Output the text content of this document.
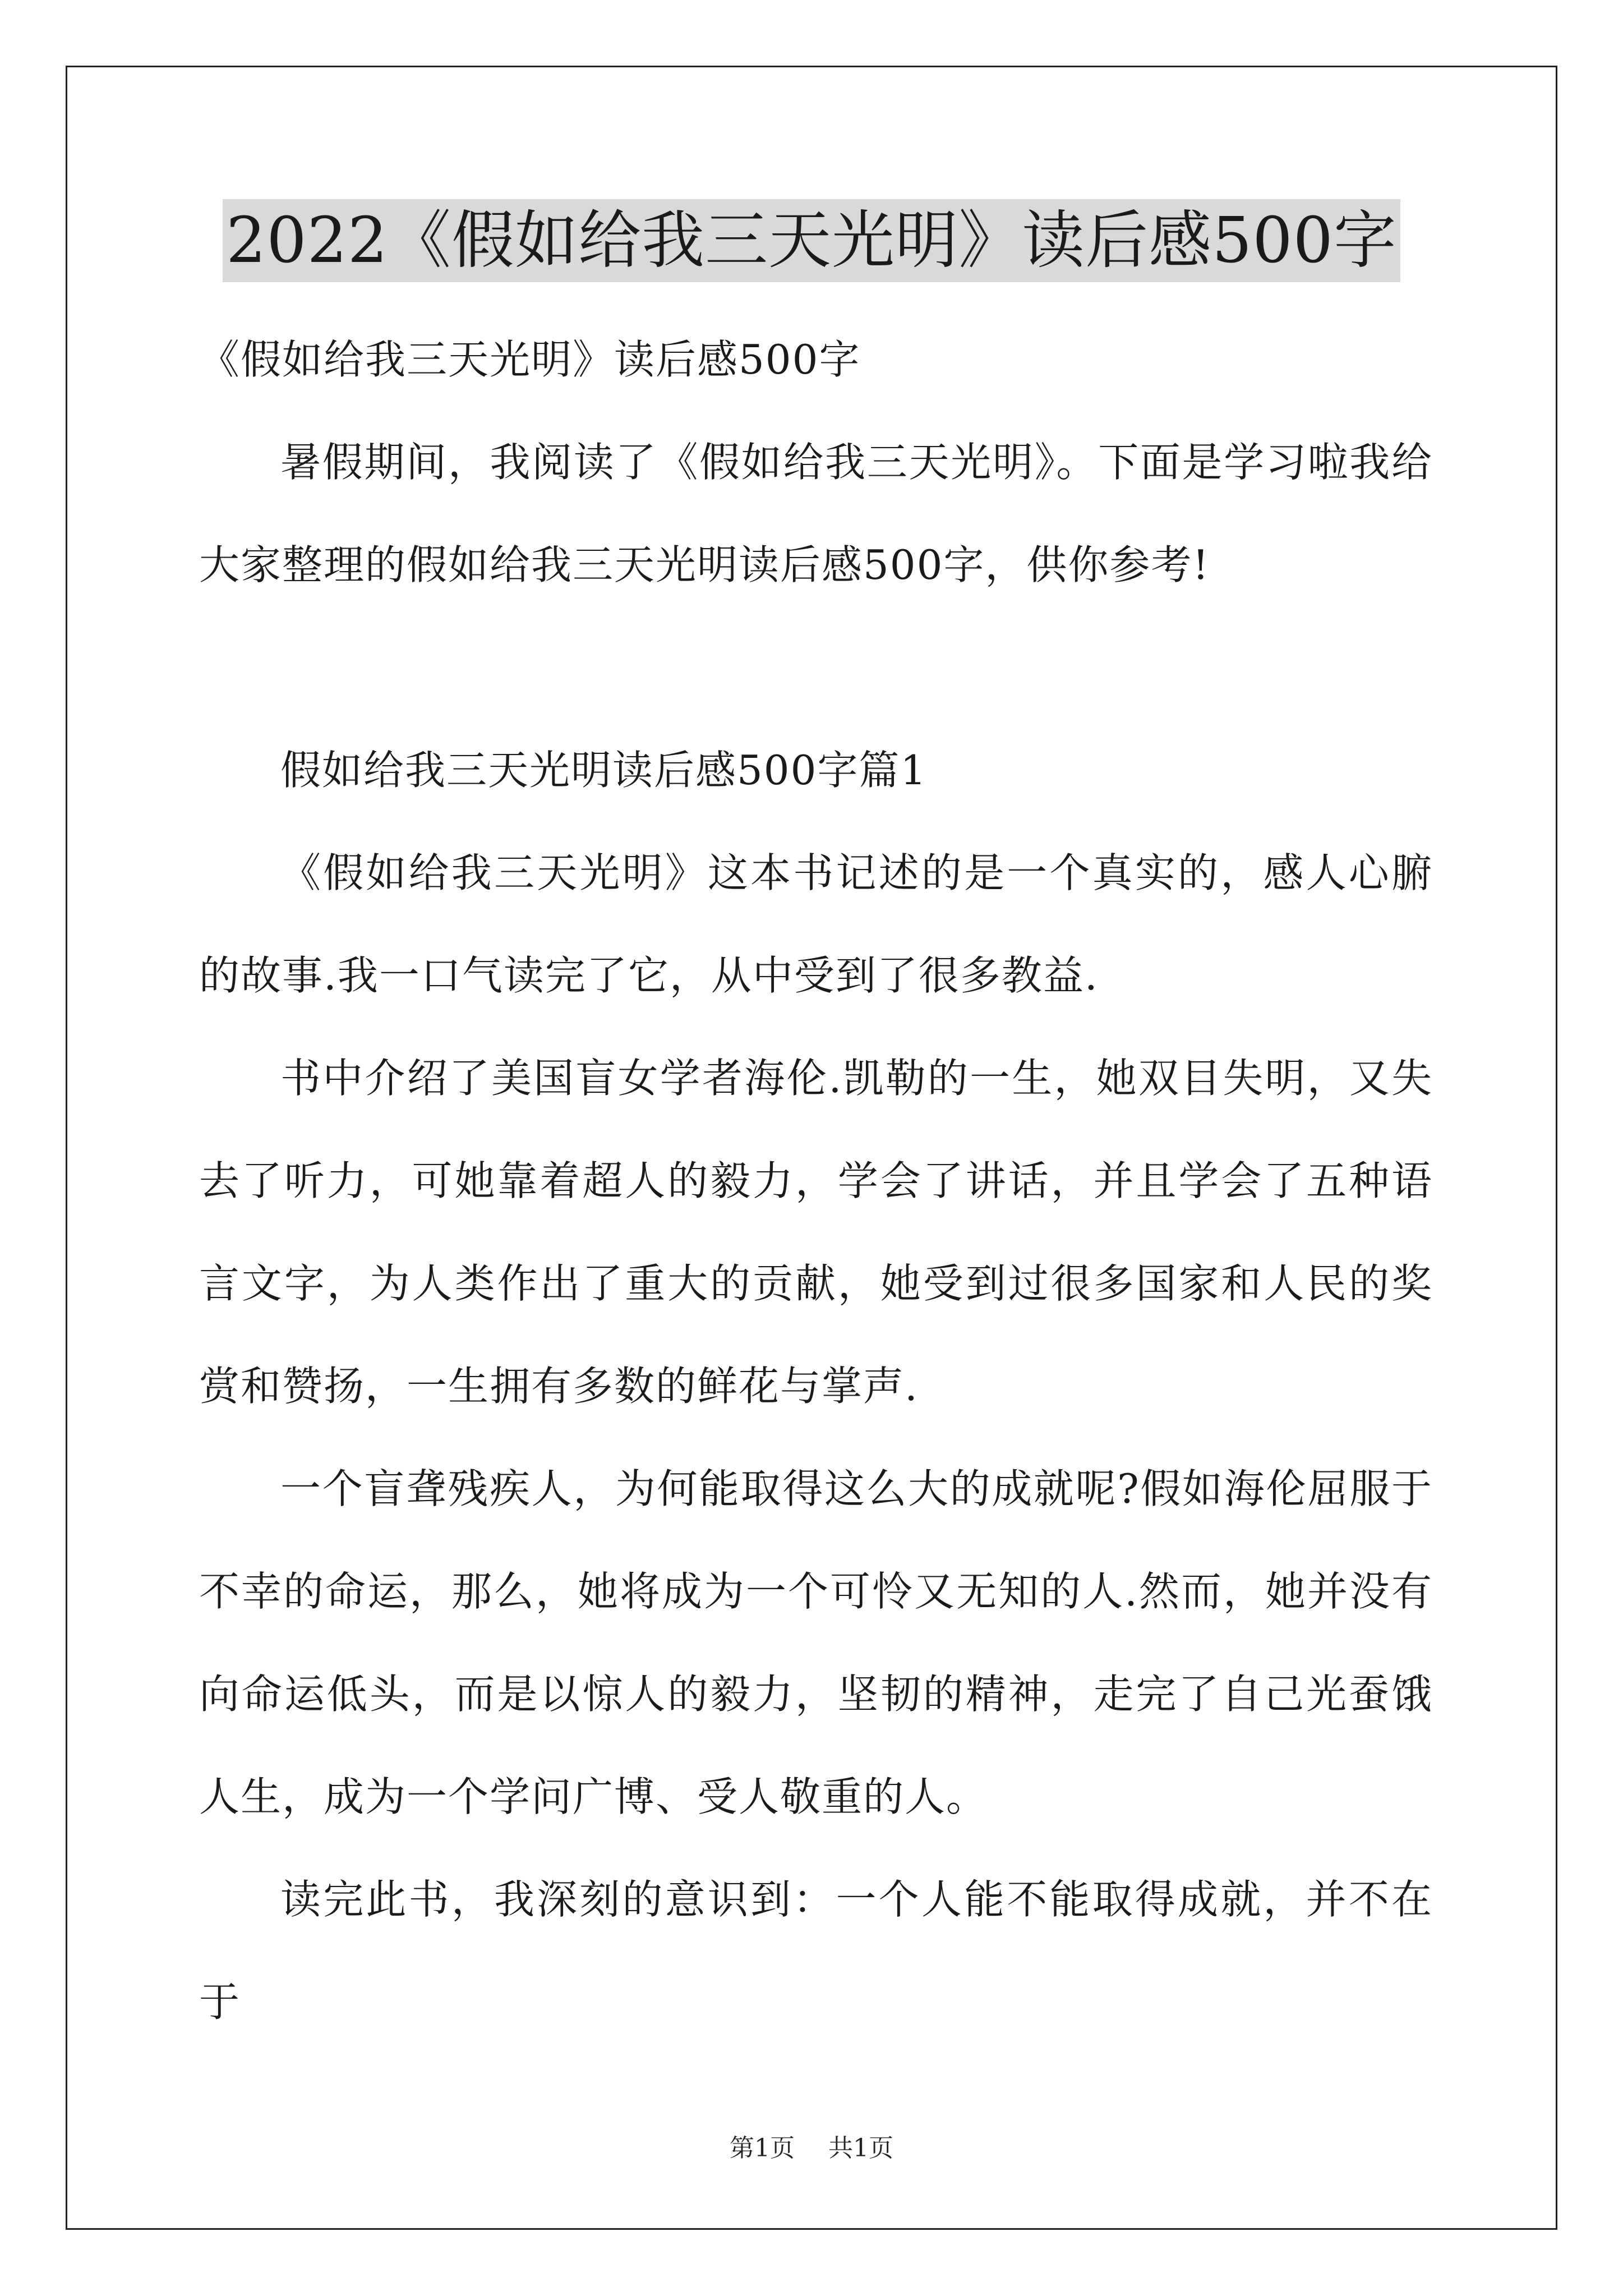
2022《假如给我三天光明》读后感500字

《假如给我三天光明》读后感500字

暑假期间，我阅读了《假如给我三天光明》。下面是学习啦我给大家整理的假如给我三天光明读后感500字，供你参考!

假如给我三天光明读后感500字篇1

《假如给我三天光明》这本书记述的是一个真实的，感人心腑的故事.我一口气读完了它，从中受到了很多教益.

书中介绍了美国盲女学者海伦.凯勒的一生，她双目失明，又失去了听力，可她靠着超人的毅力，学会了讲话，并且学会了五种语言文字，为人类作出了重大的贡献，她受到过很多国家和人民的奖赏和赞扬，一生拥有多数的鲜花与掌声.

一个盲聋残疾人，为何能取得这么大的成就呢?假如海伦屈服于不幸的命运，那么，她将成为一个可怜又无知的人.然而，她并没有向命运低头，而是以惊人的毅力，坚韧的精神，走完了自己光蚕饿人生，成为一个学问广博、受人敬重的人。

读完此书，我深刻的意识到：一个人能不能取得成就，并不在于

第1页 共1页
